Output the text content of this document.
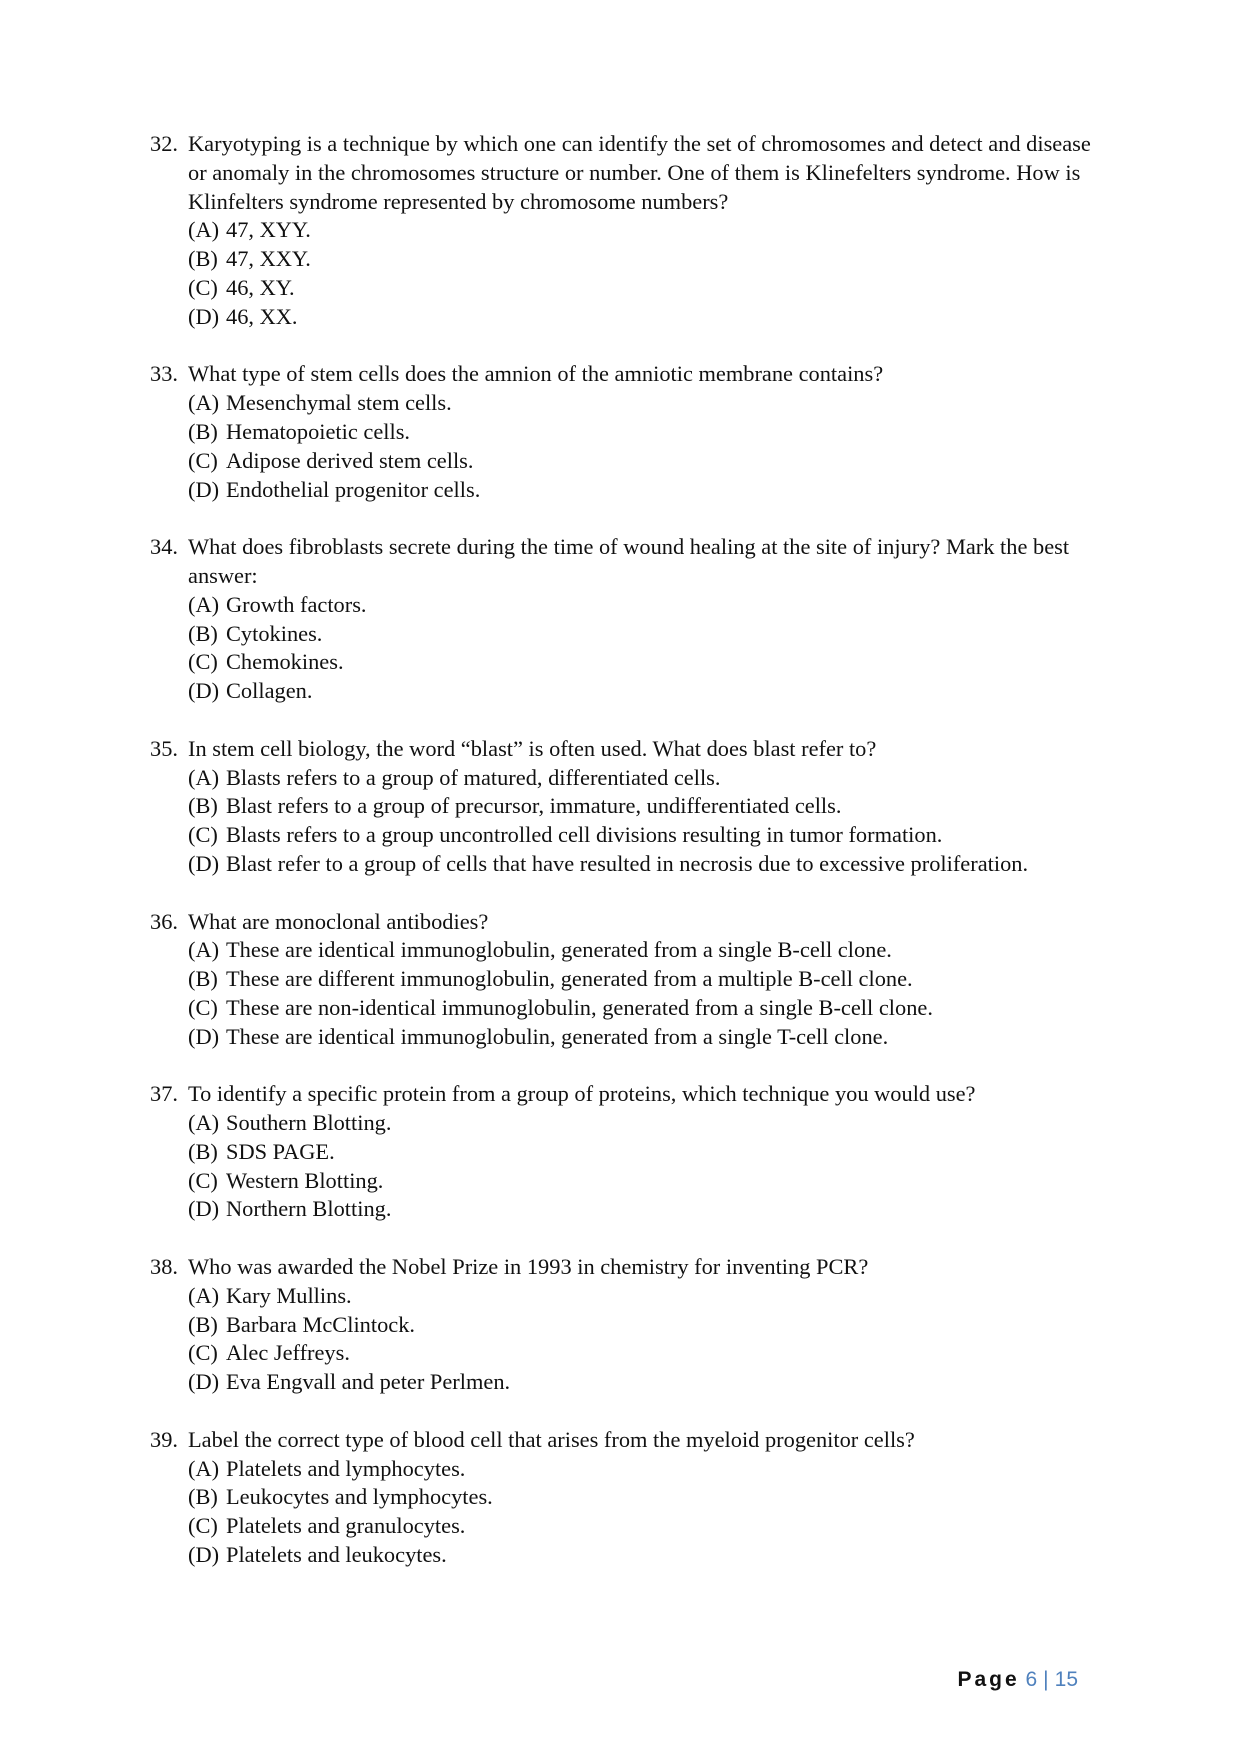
32. Karyotyping is a technique by which one can identify the set of chromosomes and detect and disease or anomaly in the chromosomes structure or number. One of them is Klinefelters syndrome. How is Klinfelters syndrome represented by chromosome numbers?
(A) 47, XYY.
(B) 47, XXY.
(C) 46, XY.
(D) 46, XX.
33. What type of stem cells does the amnion of the amniotic membrane contains?
(A) Mesenchymal stem cells.
(B) Hematopoietic cells.
(C) Adipose derived stem cells.
(D) Endothelial progenitor cells.
34. What does fibroblasts secrete during the time of wound healing at the site of injury? Mark the best answer:
(A) Growth factors.
(B) Cytokines.
(C) Chemokines.
(D) Collagen.
35. In stem cell biology, the word “blast” is often used. What does blast refer to?
(A) Blasts refers to a group of matured, differentiated cells.
(B) Blast refers to a group of precursor, immature, undifferentiated cells.
(C) Blasts refers to a group uncontrolled cell divisions resulting in tumor formation.
(D) Blast refer to a group of cells that have resulted in necrosis due to excessive proliferation.
36. What are monoclonal antibodies?
(A) These are identical immunoglobulin, generated from a single B-cell clone.
(B) These are different immunoglobulin, generated from a multiple B-cell clone.
(C) These are non-identical immunoglobulin, generated from a single B-cell clone.
(D) These are identical immunoglobulin, generated from a single T-cell clone.
37. To identify a specific protein from a group of proteins, which technique you would use?
(A) Southern Blotting.
(B) SDS PAGE.
(C) Western Blotting.
(D) Northern Blotting.
38. Who was awarded the Nobel Prize in 1993 in chemistry for inventing PCR?
(A) Kary Mullins.
(B) Barbara McClintock.
(C) Alec Jeffreys.
(D) Eva Engvall and peter Perlmen.
39. Label the correct type of blood cell that arises from the myeloid progenitor cells?
(A) Platelets and lymphocytes.
(B) Leukocytes and lymphocytes.
(C) Platelets and granulocytes.
(D) Platelets and leukocytes.
Page 6 | 15
